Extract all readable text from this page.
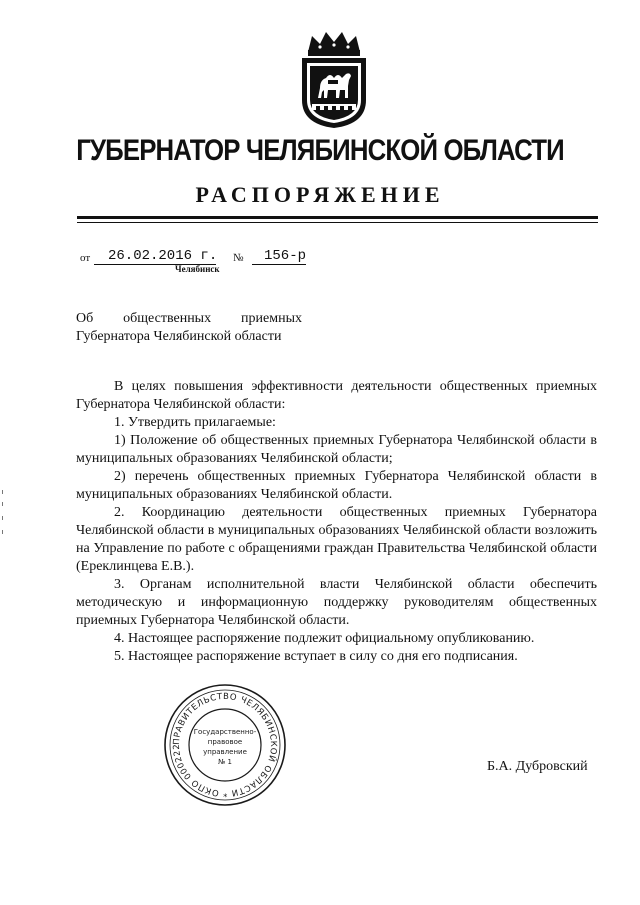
ГУБЕРНАТОР ЧЕЛЯБИНСКОЙ ОБЛАСТИ
РАСПОРЯЖЕНИЕ
от 26.02.2016 г. № 156-р
Челябинск
Об общественных приемных
Губернатора Челябинской области

В целях повышения эффективности деятельности общественных приемных Губернатора Челябинской области:

1. Утвердить прилагаемые:

1) Положение об общественных приемных Губернатора Челябинской области в муниципальных образованиях Челябинской области;

2) перечень общественных приемных Губернатора Челябинской области в муниципальных образованиях Челябинской области.

2. Координацию деятельности общественных приемных Губернатора Челябинской области в муниципальных образованиях Челябинской области возложить на Управление по работе с обращениями граждан Правительства Челябинской области (Ереклинцева Е.В.).

3. Органам исполнительной власти Челябинской области обеспечить методическую и информационную поддержку руководителям общественных приемных Губернатора Челябинской области.

4. Настоящее распоряжение подлежит официальному опубликованию.

5. Настоящее распоряжение вступает в силу со дня его подписания.

ПРАВИТЕЛЬСТВО ЧЕЛЯБИНСКОЙ ОБЛАСТИ * ОКПО 000222
Государственно-
правовое
управление
№ 1	Б.А. Дубровский
